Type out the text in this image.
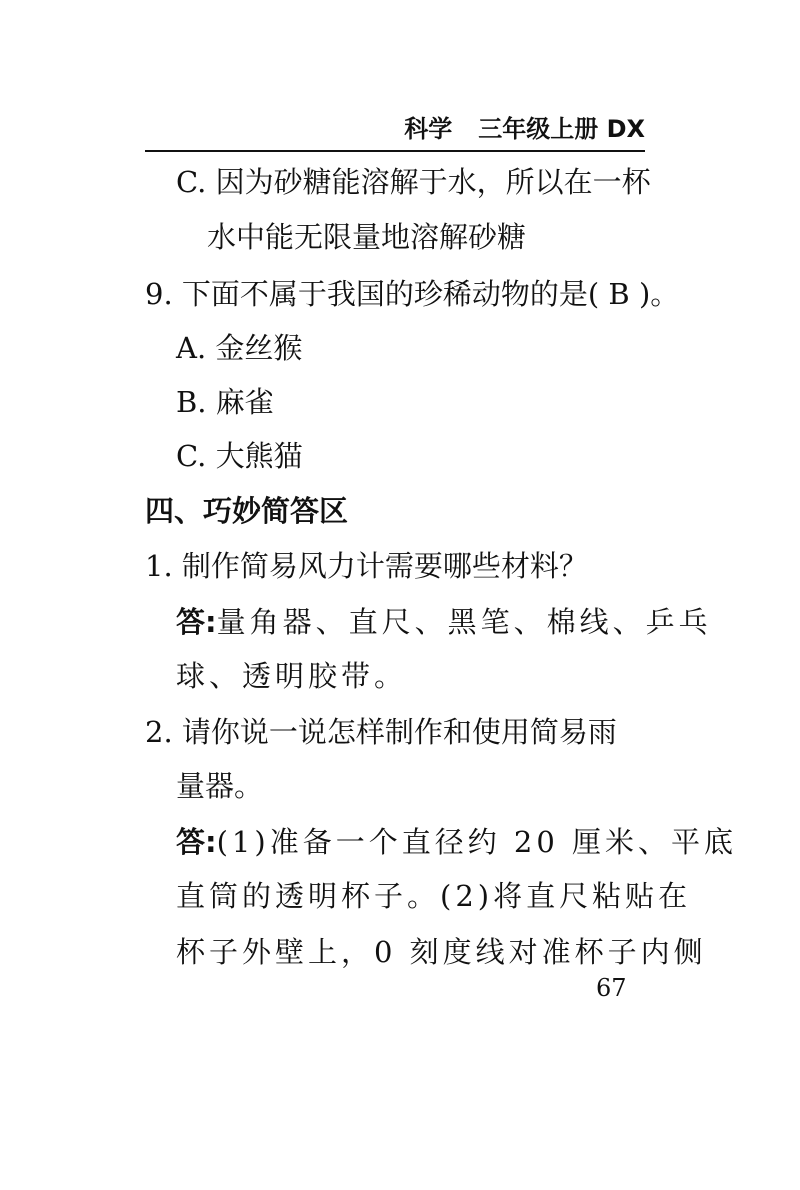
科学 三年级上册 DX
C. 因为砂糖能溶解于水，所以在一杯
水中能无限量地溶解砂糖
9. 下面不属于我国的珍稀动物的是( B )。
A. 金丝猴
B. 麻雀
C. 大熊猫
四、巧妙简答区
1. 制作简易风力计需要哪些材料？
答:量角器、直尺、黑笔、棉线、乒乓
球、透明胶带。
2. 请你说一说怎样制作和使用简易雨
量器。
答:(1)准备一个直径约 20 厘米、平底
直筒的透明杯子。(2)将直尺粘贴在
杯子外壁上，0 刻度线对准杯子内侧
67
